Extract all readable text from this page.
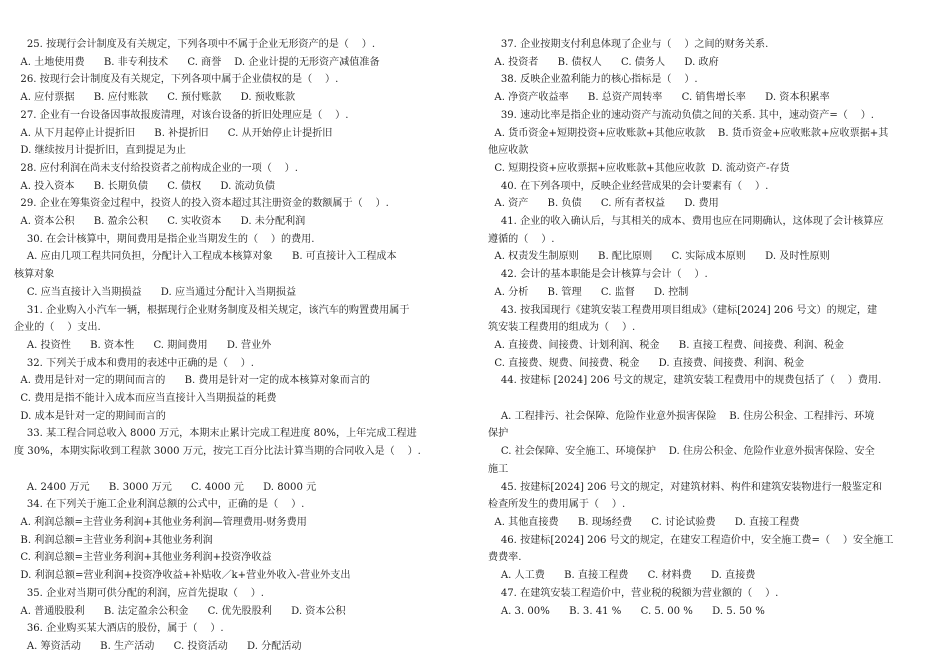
25. 按现行会计制度及有关规定，下列各项中不属于企业无形资产的是（    ）.
A. 土地使用费      B. 非专利技术      C. 商誉    D. 企业计提的无形资产减值准备
26. 按现行会计制度及有关规定，下列各项中属于企业债权的是（    ）.
A. 应付票据      B. 应付账款      C. 预付账款      D. 预收账款
27. 企业有一台设备因事故报废清理，对该台设备的折旧处理应是（    ）.
A. 从下月起停止计提折旧      B. 补提折旧      C. 从开始停止计提折旧
D. 继续按月计提折旧，直到提足为止
28. 应付利润在尚未支付给投资者之前构成企业的一项（    ）.
A. 投入资本      B. 长期负债      C. 债权      D. 流动负债
29. 企业在筹集资金过程中，投资人的投入资本超过其注册资金的数额属于（    ）.
A. 资本公积      B. 盈余公积      C. 实收资本      D. 未分配利润
30. 在会计核算中，期间费用是指企业当期发生的（    ）的费用.
A. 应由几项工程共同负担，分配计入工程成本核算对象      B. 可直接计入工程成本
核算对象
C. 应当直接计入当期损益      D. 应当通过分配计入当期损益
31. 企业购入小汽车一辆，根据现行企业财务制度及相关规定，该汽车的购置费用属于
企业的（    ）支出.
A. 投资性      B. 资本性      C. 期间费用      D. 营业外
32. 下列关于成本和费用的表述中正确的是（    ）.
A. 费用是针对一定的期间而言的      B. 费用是针对一定的成本核算对象而言的
C. 费用是指不能计入成本而应当直接计入当期损益的耗费
D. 成本是针对一定的期间而言的
33. 某工程合同总收入 8000 万元，本期末止累计完成工程进度 80%，上年完成工程进
度 30%，本期实际收到工程款 3000 万元，按完工百分比法计算当期的合同收入是（    ）.

A. 2400 万元      B. 3000 万元      C. 4000 元      D. 8000 元
34. 在下列关于施工企业利润总额的公式中，正确的是（    ）.
A. 利润总额=主营业务利润+其他业务利润—管理费用-财务费用
B. 利润总额=主营业务利润+其他业务利润
C. 利润总额=主营业务利润+其他业务利润+投资净收益
D. 利润总额=营业利润+投资净收益+补贴收／k+营业外收入-营业外支出
35. 企业对当期可供分配的利润，应首先提取（    ）.
A. 普通股股利      B. 法定盈余公积金      C. 优先股股利      D. 资本公积
36. 企业购买某大酒店的股份，属于（    ）.
A. 筹资活动      B. 生产活动      C. 投资活动      D. 分配活动
37. 企业按期支付利息体现了企业与（    ）之间的财务关系.
A. 投资者      B. 债权人      C. 债务人      D. 政府
38. 反映企业盈利能力的核心指标是（    ）.
A. 净资产收益率      B. 总资产周转率      C. 销售增长率      D. 资本积累率
39. 速动比率是指企业的速动资产与流动负债之间的关系. 其中，速动资产=（    ）.
A. 货币资金+短期投资+应收账款+其他应收款    B. 货币资金+应收账款+应收票据+其
他应收款
C. 短期投资+应收票据+应收账款+其他应收款  D. 流动资产-存货
40. 在下列各项中，反映企业经营成果的会计要素有（    ）.
A. 资产      B. 负债      C. 所有者权益      D. 费用
41. 企业的收入确认后，与其相关的成本、费用也应在同期确认，这体现了会计核算应
遵循的（    ）.
A. 权责发生制原则      B. 配比原则      C. 实际成本原则      D. 及时性原则
42. 会计的基本职能是会计核算与会计（    ）.
A. 分析      B. 管理      C. 监督      D. 控制
43. 按我国现行《建筑安装工程费用项目组成》（建标[2024] 206 号文）的规定，建
筑安装工程费用的组成为（    ）.
A. 直接费、间接费、计划利润、税金      B. 直接工程费、间接费、利润、税金
C. 直接费、规费、间接费、税金      D. 直接费、间接费、利润、税金
44. 按建标 [2024] 206 号文的规定，建筑安装工程费用中的规费包括了（    ）费用.

A. 工程排污、社会保障、危险作业意外损害保险    B. 住房公积金、工程排污、环境
保护
C. 社会保障、安全施工、环境保护    D. 住房公积金、危险作业意外损害保险、安全
施工
45. 按建标[2024] 206 号文的规定，对建筑材料、构件和建筑安装物进行一般鉴定和
检查所发生的费用属于（    ）.
A. 其他直接费      B. 现场经费      C. 讨论试验费      D. 直接工程费
46. 按建标[2024] 206 号文的规定，在建安工程造价中，安全施工费=（    ）安全施工
费费率.
A. 人工费      B. 直接工程费      C. 材料费      D. 直接费
47. 在建筑安装工程造价中，营业税的税额为营业额的（    ）.
A. 3. 00%      B. 3. 41 %      C. 5. 00 %      D. 5. 50 %
